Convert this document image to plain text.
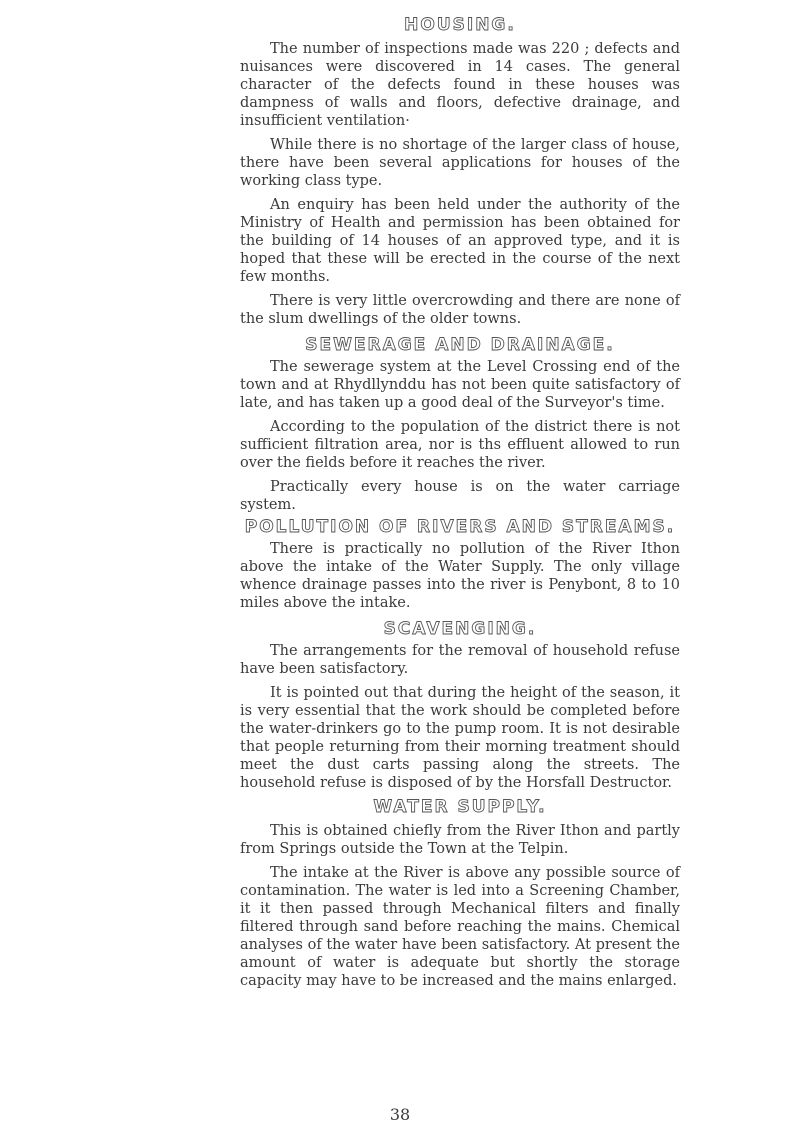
HOUSING.

The number of inspections made was 220 ; defects and nuisances were discovered in 14 cases. The general character of the defects found in these houses was dampness of walls and floors, defective drainage, and insufficient ventilation·

While there is no shortage of the larger class of house, there have been several applications for houses of the working class type.

An enquiry has been held under the authority of the Ministry of Health and permission has been obtained for the building of 14 houses of an approved type, and it is hoped that these will be erected in the course of the next few months.

There is very little overcrowding and there are none of the slum dwellings of the older towns.

SEWERAGE AND DRAINAGE.

The sewerage system at the Level Crossing end of the town and at Rhydllynddu has not been quite satisfactory of late, and has taken up a good deal of the Surveyor's time.

According to the population of the district there is not sufficient filtration area, nor is ths effluent allowed to run over the fields before it reaches the river.

Practically every house is on the water carriage system.

POLLUTION OF RIVERS AND STREAMS.

There is practically no pollution of the River Ithon above the intake of the Water Supply. The only village whence drainage passes into the river is Penybont, 8 to 10 miles above the intake.

SCAVENGING.

The arrangements for the removal of household refuse have been satisfactory.

It is pointed out that during the height of the season, it is very essential that the work should be completed before the water-drinkers go to the pump room. It is not desirable that people returning from their morning treatment should meet the dust carts passing along the streets. The household refuse is disposed of by the Horsfall Destructor.

WATER SUPPLY.

This is obtained chiefly from the River Ithon and partly from Springs outside the Town at the Telpin.

The intake at the River is above any possible source of contamination. The water is led into a Screening Chamber, it it then passed through Mechanical filters and finally filtered through sand before reaching the mains. Chemical analyses of the water have been satisfactory. At present the amount of water is adequate but shortly the storage capacity may have to be increased and the mains enlarged.

38
